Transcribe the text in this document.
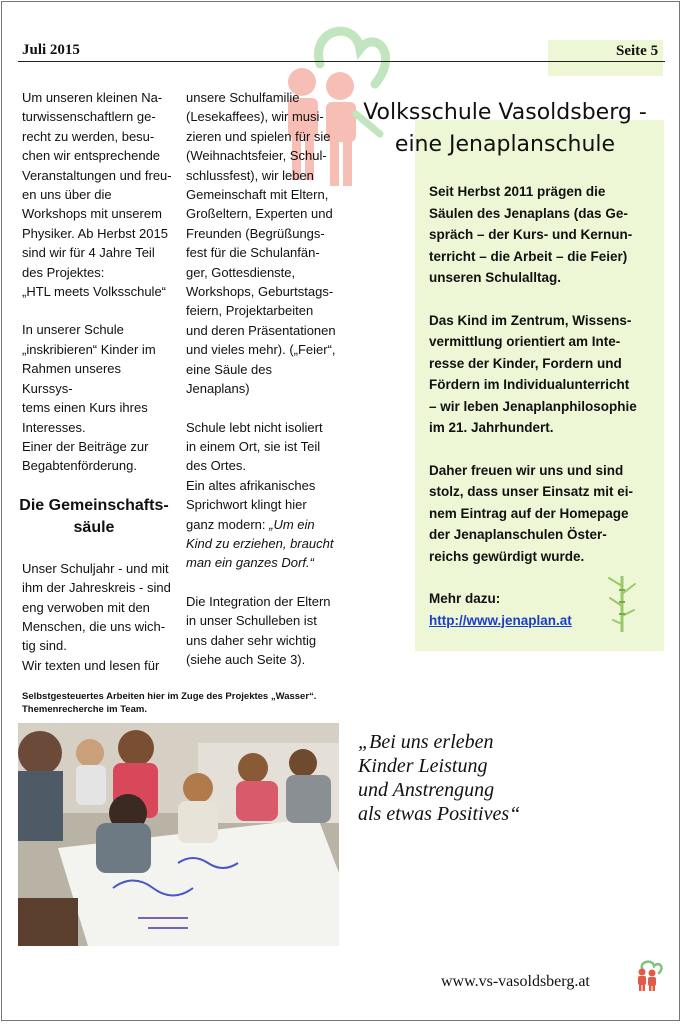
Juli 2015	Seite 5

Um unseren kleinen Na-
turwissenschaftlern ge-
recht zu werden, besu-
chen wir entsprechende
Veranstaltungen und freu-
en uns über die
Workshops mit unserem
Physiker. Ab Herbst 2015
sind wir für 4 Jahre Teil
des Projektes:
„HTL meets Volksschule“

In unserer Schule
„inskribieren“ Kinder im
Rahmen unseres Kurssys-
tems einen Kurs ihres
Interesses.
Einer der Beiträge zur
Begabtenförderung.

Die Gemeinschafts-
säule

Unser Schuljahr - und mit
ihm der Jahreskreis - sind
eng verwoben mit den
Menschen, die uns wich-
tig sind.
Wir texten und lesen für

unsere Schulfamilie
(Lesekaffees), wir musi-
zieren und spielen für sie
(Weihnachtsfeier, Schul-
schlussfest), wir leben
Gemeinschaft mit Eltern,
Großeltern, Experten und
Freunden (Begrüßungs-
fest für die Schulanfän-
ger, Gottesdienste,
Workshops, Geburtstags-
feiern, Projektarbeiten
und deren Präsentationen
und vieles mehr). („Feier“,
eine Säule des Jenaplans)

Schule lebt nicht isoliert
in einem Ort, sie ist Teil
des Ortes.
Ein altes afrikanisches
Sprichwort klingt hier
ganz modern: „Um ein
Kind zu erziehen, braucht
man ein ganzes Dorf.“

Die Integration der Eltern
in unser Schulleben ist
uns daher sehr wichtig
(siehe auch Seite 3).

Volksschule Vasoldsberg -
eine Jenaplanschule

Seit Herbst 2011 prägen die
Säulen des Jenaplans (das Ge-
spräch – der Kurs- und Kernun-
terricht – die Arbeit – die Feier)
unseren Schulalltag.

Das Kind im Zentrum, Wissens-
vermittlung orientiert am Inte-
resse der Kinder, Fordern und
Fördern im Individualunterricht
– wir leben Jenaplanphilosophie
im 21. Jahrhundert.

Daher freuen wir uns und sind
stolz, dass unser Einsatz mit ei-
nem Eintrag auf der Homepage
der Jenaplanschulen Öster-
reichs gewürdigt wurde.

Mehr dazu:
http://www.jenaplan.at

Selbstgesteuertes Arbeiten hier im Zuge des Projektes „Wasser“.
Themenrecherche im Team.
„Bei uns erleben
Kinder Leistung
und Anstrengung
als etwas Positives“
www.vs-vasoldsberg.at
